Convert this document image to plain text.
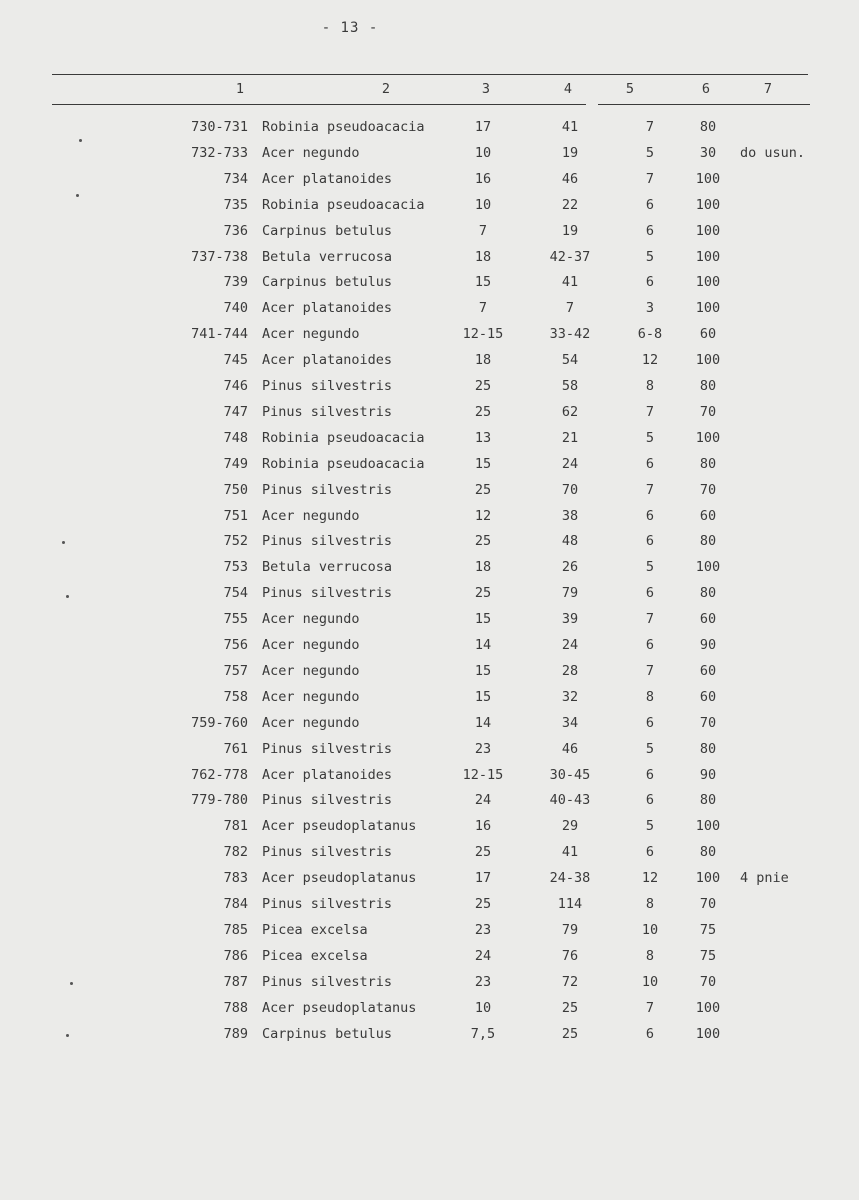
- 13 -
1	2	3	4	5	6	7
730-731 Robinia pseudoacacia	17	41	7	80
732-733 Acer negundo	10	19	5	30	do usun.
734 Acer platanoides	16	46	7	100
735 Robinia pseudoacacia	10	22	6	100
736 Carpinus betulus	7	19	6	100
737-738 Betula verrucosa	18	42-37	5	100
739 Carpinus betulus	15	41	6	100
740 Acer platanoides	7	7	3	100
741-744 Acer negundo	12-15	33-42	6-8	60
745 Acer platanoides	18	54	12	100
746 Pinus silvestris	25	58	8	80
747 Pinus silvestris	25	62	7	70
748 Robinia pseudoacacia	13	21	5	100
749 Robinia pseudoacacia	15	24	6	80
750 Pinus silvestris	25	70	7	70
751 Acer negundo	12	38	6	60
752 Pinus silvestris	25	48	6	80
753 Betula verrucosa	18	26	5	100
754 Pinus silvestris	25	79	6	80
755 Acer negundo	15	39	7	60
756 Acer negundo	14	24	6	90
757 Acer negundo	15	28	7	60
758 Acer negundo	15	32	8	60
759-760 Acer negundo	14	34	6	70
761 Pinus silvestris	23	46	5	80
762-778 Acer platanoides	12-15	30-45	6	90
779-780 Pinus silvestris	24	40-43	6	80
781 Acer pseudoplatanus	16	29	5	100
782 Pinus silvestris	25	41	6	80
783 Acer pseudoplatanus	17	24-38	12	100	4 pnie
784 Pinus silvestris	25	114	8	70
785 Picea excelsa	23	79	10	75
786 Picea excelsa	24	76	8	75
787 Pinus silvestris	23	72	10	70
788 Acer pseudoplatanus	10	25	7	100
789 Carpinus betulus	7,5	25	6	100
